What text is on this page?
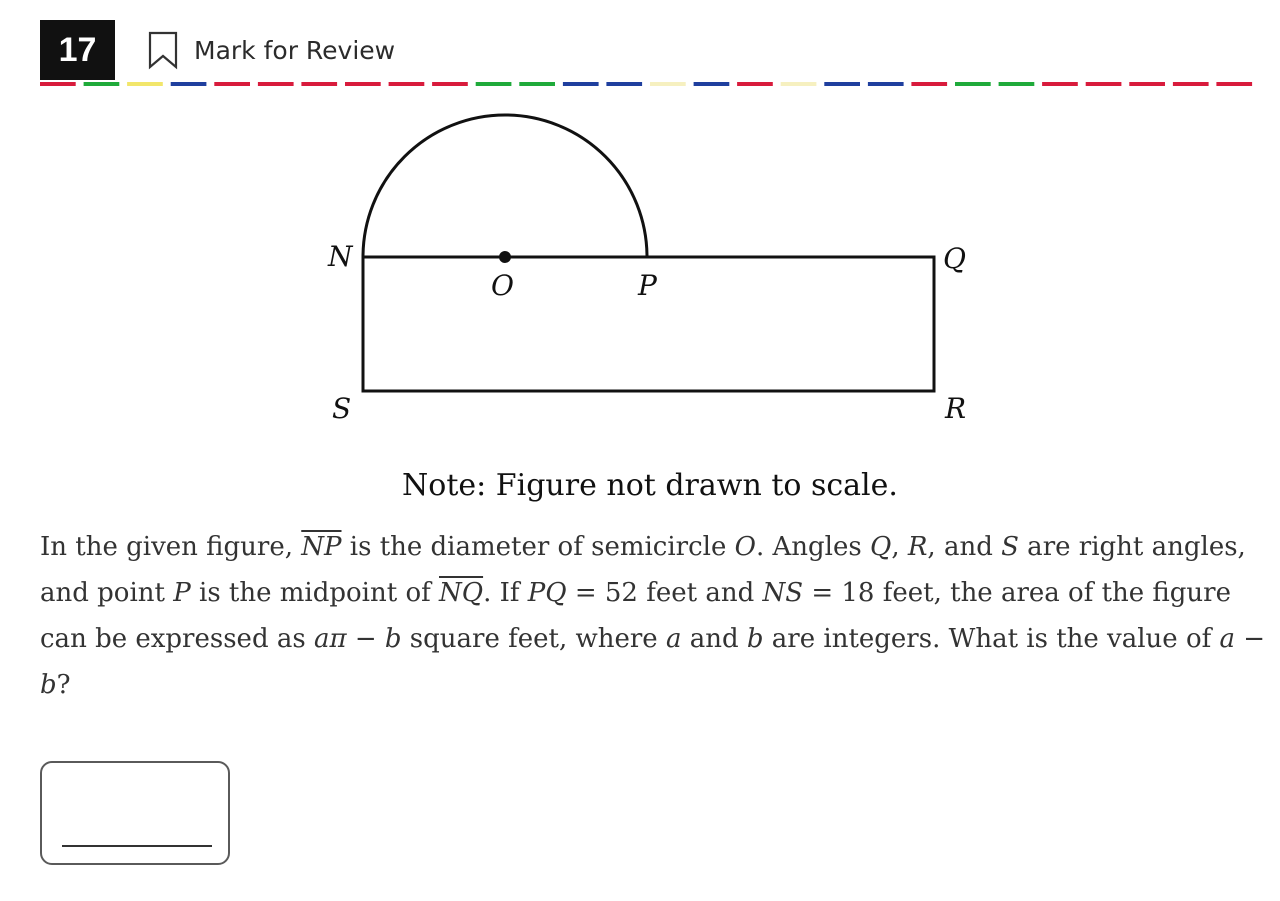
17	Mark for Review
N
O	P
Q
S	R
Note: Figure not drawn to scale.
In the given figure, $\overline{NP}$ is the diameter of semicircle O. Angles Q, R, and S are right angles, and point P is the midpoint of $\overline{NQ}$. If PQ = 52 feet and NS = 18 feet, the area of the figure can be expressed as aπ − b square feet, where a and b are integers. What is the value of a − b?
